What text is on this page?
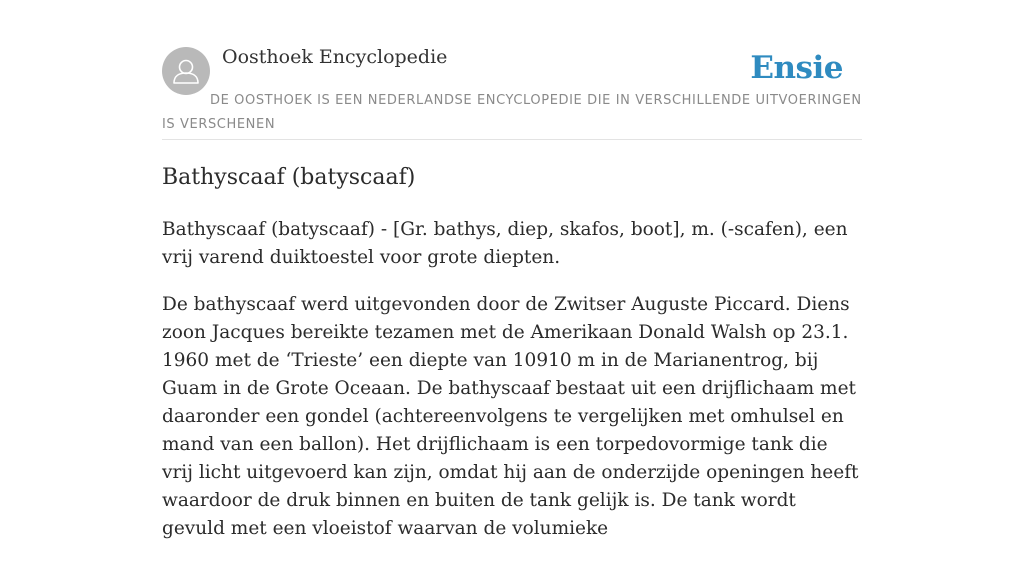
Oosthoek Encyclopedie	Ensie
DE OOSTHOEK IS EEN NEDERLANDSE ENCYCLOPEDIE DIE IN VERSCHILLENDE UITVOERINGEN IS VERSCHENEN
Bathyscaaf (batyscaaf)

Bathyscaaf (batyscaaf) - [Gr. bathys, diep, skafos, boot], m. (-scafen), een vrij varend duiktoestel voor grote diepten.

De bathyscaaf werd uitgevonden door de Zwitser Auguste Piccard. Diens zoon Jacques bereikte tezamen met de Amerikaan Donald Walsh op 23.1. 1960 met de ‘Trieste’ een diepte van 10910 m in de Marianentrog, bij Guam in de Grote Oceaan. De bathyscaaf bestaat uit een drijflichaam met daaronder een gondel (achtereenvolgens te vergelijken met omhulsel en mand van een ballon). Het drijflichaam is een torpedovormige tank die vrij licht uitgevoerd kan zijn, omdat hij aan de onderzijde openingen heeft waardoor de druk binnen en buiten de tank gelijk is. De tank wordt gevuld met een vloeistof waarvan de volumieke
